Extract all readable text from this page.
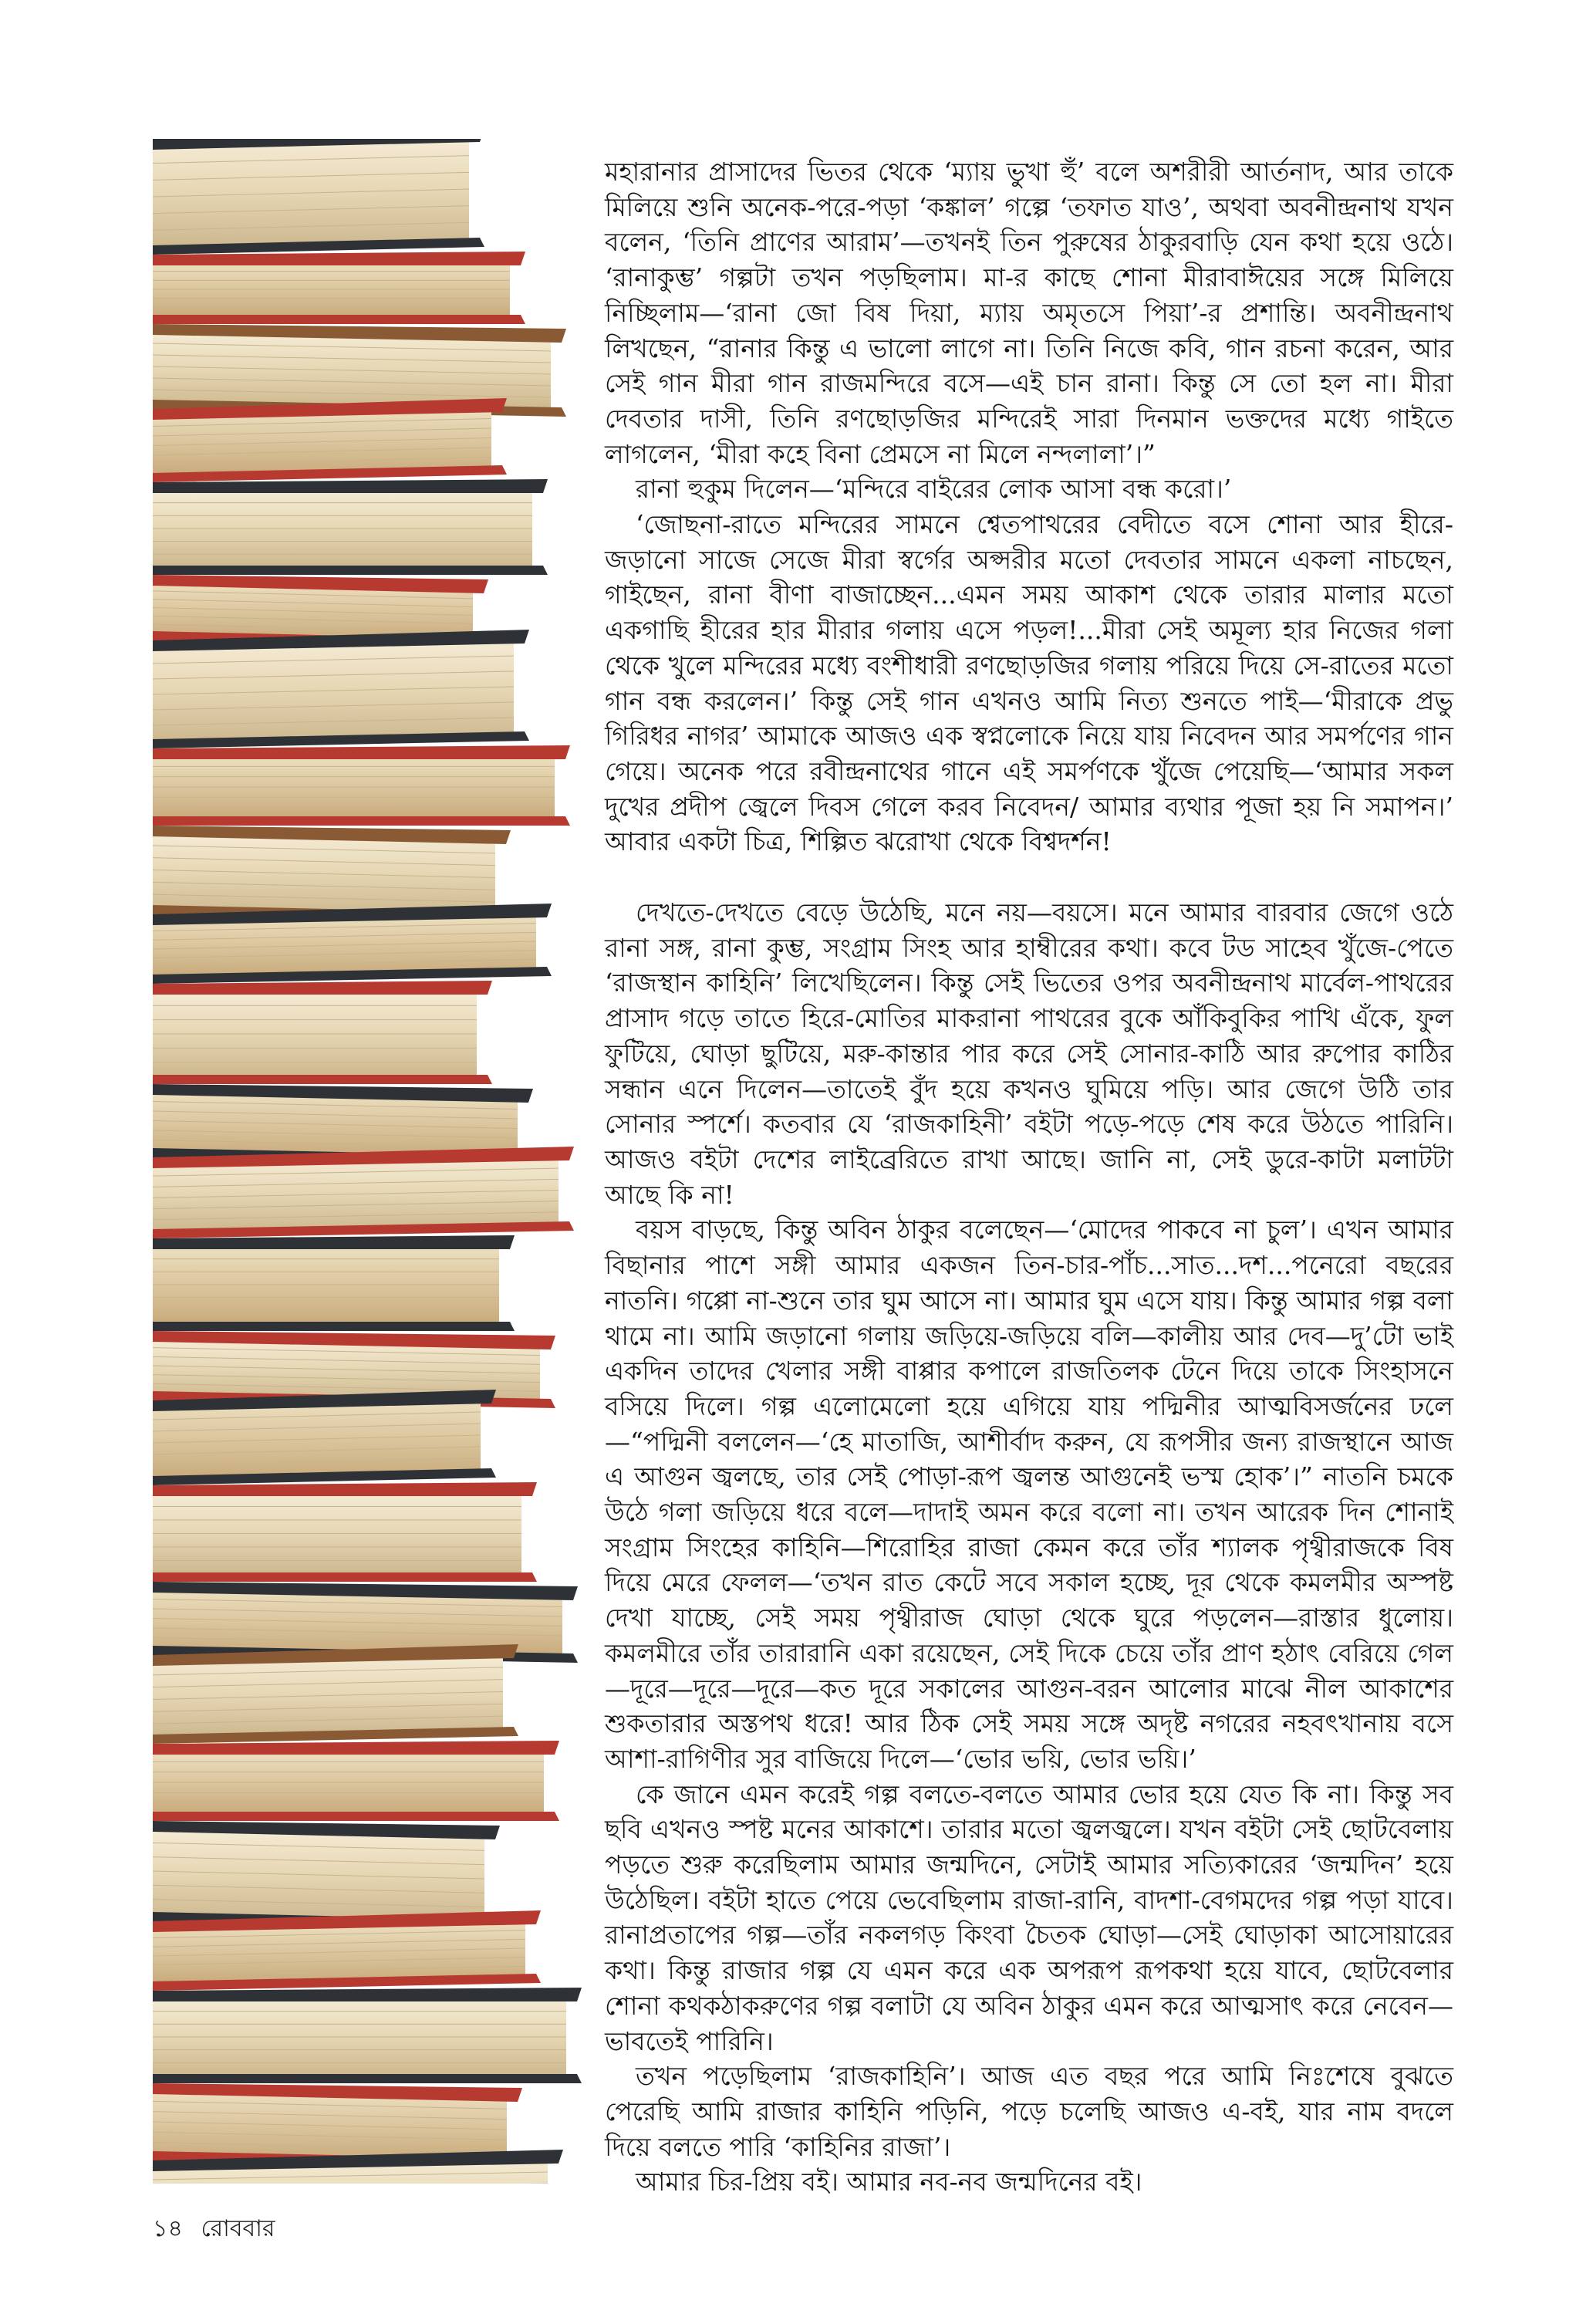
মহারানার প্রাসাদের ভিতর থেকে ‘ম্যায় ভুখা হুঁ’ বলে অশরীরী আর্তনাদ, আর তাকে মিলিয়ে শুনি অনেক-পরে-পড়া ‘কঙ্কাল’ গল্পে ‘তফাত যাও’, অথবা অবনীন্দ্রনাথ যখন বলেন, ‘তিনি প্রাণের আরাম’—তখনই তিন পুরুষের ঠাকুরবাড়ি যেন কথা হয়ে ওঠে। ‘রানাকুম্ভ’ গল্পটা তখন পড়ছিলাম। মা-র কাছে শোনা মীরাবাঈয়ের সঙ্গে মিলিয়ে নিচ্ছিলাম—‘রানা জো বিষ দিয়া, ম্যায় অমৃতসে পিয়া’-র প্রশান্তি। অবনীন্দ্রনাথ লিখছেন, “রানার কিন্তু এ ভালো লাগে না। তিনি নিজে কবি, গান রচনা করেন, আর সেই গান মীরা গান রাজমন্দিরে বসে—এই চান রানা। কিন্তু সে তো হল না। মীরা দেবতার দাসী, তিনি রণছোড়জির মন্দিরেই সারা দিনমান ভক্তদের মধ্যে গাইতে লাগলেন, ‘মীরা কহে বিনা প্রেমসে না মিলে নন্দলালা’।”

রানা হুকুম দিলেন—‘মন্দিরে বাইরের লোক আসা বন্ধ করো।’

‘জোছনা-রাতে মন্দিরের সামনে শ্বেতপাথরের বেদীতে বসে শোনা আর হীরে-জড়ানো সাজে সেজে মীরা স্বর্গের অপ্সরীর মতো দেবতার সামনে একলা নাচছেন, গাইছেন, রানা বীণা বাজাচ্ছেন...এমন সময় আকাশ থেকে তারার মালার মতো একগাছি হীরের হার মীরার গলায় এসে পড়ল!...মীরা সেই অমূল্য হার নিজের গলা থেকে খুলে মন্দিরের মধ্যে বংশীধারী রণছোড়জির গলায় পরিয়ে দিয়ে সে-রাতের মতো গান বন্ধ করলেন।’ কিন্তু সেই গান এখনও আমি নিত্য শুনতে পাই—‘মীরাকে প্রভু গিরিধর নাগর’ আমাকে আজও এক স্বপ্নলোকে নিয়ে যায় নিবেদন আর সমর্পণের গান গেয়ে। অনেক পরে রবীন্দ্রনাথের গানে এই সমর্পণকে খুঁজে পেয়েছি—‘আমার সকল দুখের প্রদীপ জ্বেলে দিবস গেলে করব নিবেদন/ আমার ব্যথার পূজা হয় নি সমাপন।’ আবার একটা চিত্র, শিল্পিত ঝরোখা থেকে বিশ্বদর্শন!

দেখতে-দেখতে বেড়ে উঠেছি, মনে নয়—বয়সে। মনে আমার বারবার জেগে ওঠে রানা সঙ্গ, রানা কুম্ভ, সংগ্রাম সিংহ আর হাম্বীরের কথা। কবে টড সাহেব খুঁজে-পেতে ‘রাজস্থান কাহিনি’ লিখেছিলেন। কিন্তু সেই ভিতের ওপর অবনীন্দ্রনাথ মার্বেল-পাথরের প্রাসাদ গড়ে তাতে হিরে-মোতির মাকরানা পাথরের বুকে আঁকিবুকির পাখি এঁকে, ফুল ফুটিয়ে, ঘোড়া ছুটিয়ে, মরু-কান্তার পার করে সেই সোনার-কাঠি আর রুপোর কাঠির সন্ধান এনে দিলেন—তাতেই বুঁদ হয়ে কখনও ঘুমিয়ে পড়ি। আর জেগে উঠি তার সোনার স্পর্শে। কতবার যে ‘রাজকাহিনী’ বইটা পড়ে-পড়ে শেষ করে উঠতে পারিনি। আজও বইটা দেশের লাইব্রেরিতে রাখা আছে। জানি না, সেই ডুরে-কাটা মলাটটা আছে কি না!

বয়স বাড়ছে, কিন্তু অবিন ঠাকুর বলেছেন—‘মোদের পাকবে না চুল’। এখন আমার বিছানার পাশে সঙ্গী আমার একজন তিন-চার-পাঁচ...সাত...দশ...পনেরো বছরের নাতনি। গপ্পো না-শুনে তার ঘুম আসে না। আমার ঘুম এসে যায়। কিন্তু আমার গল্প বলা থামে না। আমি জড়ানো গলায় জড়িয়ে-জড়িয়ে বলি—কালীয় আর দেব—দু’টো ভাই একদিন তাদের খেলার সঙ্গী বাপ্পার কপালে রাজতিলক টেনে দিয়ে তাকে সিংহাসনে বসিয়ে দিলে। গল্প এলোমেলো হয়ে এগিয়ে যায় পদ্মিনীর আত্মবিসর্জনের ঢলে—“পদ্মিনী বললেন—‘হে মাতাজি, আশীর্বাদ করুন, যে রূপসীর জন্য রাজস্থানে আজ এ আগুন জ্বলছে, তার সেই পোড়া-রূপ জ্বলন্ত আগুনেই ভস্ম হোক’।” নাতনি চমকে উঠে গলা জড়িয়ে ধরে বলে—দাদাই অমন করে বলো না। তখন আরেক দিন শোনাই সংগ্রাম সিংহের কাহিনি—শিরোহির রাজা কেমন করে তাঁর শ্যালক পৃথ্বীরাজকে বিষ দিয়ে মেরে ফেলল—‘তখন রাত কেটে সবে সকাল হচ্ছে, দূর থেকে কমলমীর অস্পষ্ট দেখা যাচ্ছে, সেই সময় পৃথ্বীরাজ ঘোড়া থেকে ঘুরে পড়লেন—রাস্তার ধুলোয়। কমলমীরে তাঁর তারারানি একা রয়েছেন, সেই দিকে চেয়ে তাঁর প্রাণ হঠাৎ বেরিয়ে গেল—দূরে—দূরে—দূরে—কত দূরে সকালের আগুন-বরন আলোর মাঝে নীল আকাশের শুকতারার অস্তপথ ধরে! আর ঠিক সেই সময় সঙ্গে অদৃষ্ট নগরের নহবৎখানায় বসে আশা-রাগিণীর সুর বাজিয়ে দিলে—‘ভোর ভয়ি, ভোর ভয়ি।’

কে জানে এমন করেই গল্প বলতে-বলতে আমার ভোর হয়ে যেত কি না। কিন্তু সব ছবি এখনও স্পষ্ট মনের আকাশে। তারার মতো জ্বলজ্বলে। যখন বইটা সেই ছোটবেলায় পড়তে শুরু করেছিলাম আমার জন্মদিনে, সেটাই আমার সত্যিকারের ‘জন্মদিন’ হয়ে উঠেছিল। বইটা হাতে পেয়ে ভেবেছিলাম রাজা-রানি, বাদশা-বেগমদের গল্প পড়া যাবে। রানাপ্রতাপের গল্প—তাঁর নকলগড় কিংবা চৈতক ঘোড়া—সেই ঘোড়াকা আসোয়ারের কথা। কিন্তু রাজার গল্প যে এমন করে এক অপরূপ রূপকথা হয়ে যাবে, ছোটবেলার শোনা কথকঠাকরুণের গল্প বলাটা যে অবিন ঠাকুর এমন করে আত্মসাৎ করে নেবেন—ভাবতেই পারিনি।

তখন পড়েছিলাম ‘রাজকাহিনি’। আজ এত বছর পরে আমি নিঃশেষে বুঝতে পেরেছি আমি রাজার কাহিনি পড়িনি, পড়ে চলেছি আজও এ-বই, যার নাম বদলে দিয়ে বলতে পারি ‘কাহিনির রাজা’।

আমার চির-প্রিয় বই। আমার নব-নব জন্মদিনের বই।

১৪ রোববার
